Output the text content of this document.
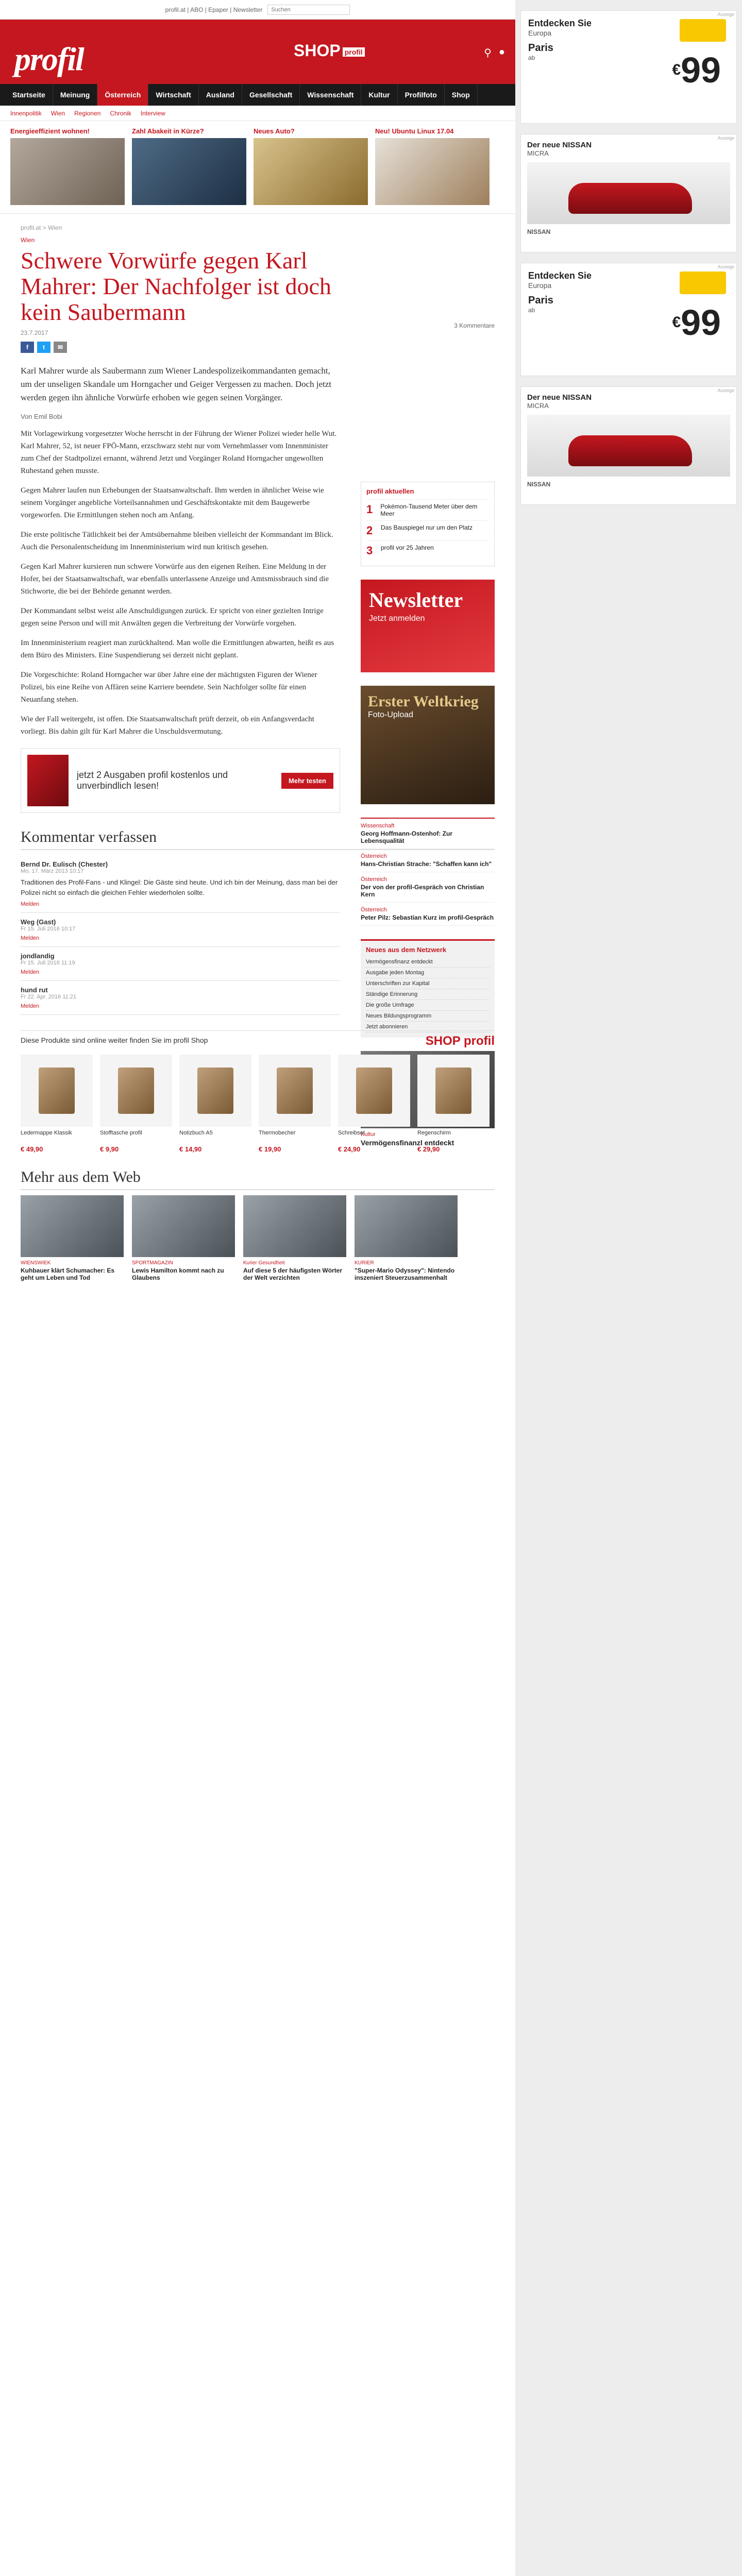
profil.at | ABO | Epaper | Newsletter
Suchen
profil	SHOP profil	⚲ ●
Startseite	Meinung	Österreich	Wirtschaft	Ausland	Gesellschaft	Wissenschaft	Kultur	Profilfoto	Shop
Innenpolitik Wien Regionen Chronik Interview
Energieeffizient wohnen!	Zahl Abakeit in Kürze?	Neues Auto?	Neu! Ubuntu Linux 17.04
profil.at > Wien
Wien
Schwere Vorwürfe gegen Karl Mahrer: Der Nachfolger ist doch kein Saubermann
23.7.2017
f	t	✉
3 Kommentare
Karl Mahrer wurde als Saubermann zum Wiener Landespolizeikommandanten gemacht, um der unseligen Skandale um Horngacher und Geiger Vergessen zu machen. Doch jetzt werden gegen ihn ähnliche Vorwürfe erhoben wie gegen seinen Vorgänger.
Von Emil Bobi

Mit Vorlagewirkung vorgesetzter Woche herrscht in der Führung der Wiener Polizei wieder helle Wut. Karl Mahrer, 52, ist neuer FPÖ-Mann, erzschwarz steht nur vom Vernehmlasser vom Innenminister zum Chef der Stadtpolizei ernannt, während Jetzt und Vorgänger Roland Horngacher ungewollten Ruhestand gehen musste.

Gegen Mahrer laufen nun Erhebungen der Staatsanwaltschaft. Ihm werden in ähnlicher Weise wie seinem Vorgänger angebliche Vorteilsannahmen und Geschäftskontakte mit dem Baugewerbe vorgeworfen. Die Ermittlungen stehen noch am Anfang.

Die erste politische Tätlichkeit bei der Amtsübernahme bleiben vielleicht der Kommandant im Blick. Auch die Personalentscheidung im Innenministerium wird nun kritisch gesehen.

Gegen Karl Mahrer kursieren nun schwere Vorwürfe aus den eigenen Reihen. Eine Meldung in der Hofer, bei der Staatsanwaltschaft, war ebenfalls unterlassene Anzeige und Amtsmissbrauch sind die Stichworte, die bei der Behörde genannt werden.

Der Kommandant selbst weist alle Anschuldigungen zurück. Er spricht von einer gezielten Intrige gegen seine Person und will mit Anwälten gegen die Verbreitung der Vorwürfe vorgehen.

Im Innenministerium reagiert man zurückhaltend. Man wolle die Ermittlungen abwarten, heißt es aus dem Büro des Ministers. Eine Suspendierung sei derzeit nicht geplant.

Die Vorgeschichte: Roland Horngacher war über Jahre eine der mächtigsten Figuren der Wiener Polizei, bis eine Reihe von Affären seine Karriere beendete. Sein Nachfolger sollte für einen Neuanfang stehen.

Wie der Fall weitergeht, ist offen. Die Staatsanwaltschaft prüft derzeit, ob ein Anfangsverdacht vorliegt. Bis dahin gilt für Karl Mahrer die Unschuldsvermutung.

profil aktuellen
1	Pokémon-Tausend Meter über dem Meer
2	Das Bauspiegel nur um den Platz
3	profil vor 25 Jahren
Newsletter
Jetzt anmelden
Erster Weltkrieg
Foto-Upload
Wissenschaft
Georg Hoffmann-Ostenhof: Zur Lebensqualität
Österreich
Hans-Christian Strache: "Schaffen kann ich"
Österreich
Der von der profil-Gespräch von Christian Kern
Österreich
Peter Pilz: Sebastian Kurz im profil-Gespräch
Neues aus dem Netzwerk
Vermögensfinanz entdeckt
Ausgabe jeden Montag
Unterschriften zur Kapital
Ständige Erinnerung
Die große Umfrage
Neues Bildungsprogramm
Jetzt abonnieren
Kultur
Vermögensfinanzl entdeckt
jetzt 2 Ausgaben profil kostenlos und unverbindlich lesen!	Mehr testen
Kommentar verfassen
Bernd Dr. Eulisch (Chester)
Mo, 17. März 2013 10:17
Traditionen des Profil-Fans - und Klingel: Die Gäste sind heute. Und ich bin der Meinung, dass man bei der Polizei nicht so einfach die gleichen Fehler wiederholen sollte.
Melden
Weg (Gast)
Fr 15. Juli 2016 10:17
Melden
jondlandig
Fr 15. Juli 2016 11:19
Melden
hund rut
Fr 22. Apr. 2016 11:21
Melden
Diese Produkte sind online weiter finden Sie im profil Shop	SHOP profil
Ledermappe Klassik
€ 49,90
Stofftasche profil
€ 9,90
Notizbuch A5
€ 14,90
Thermobecher
€ 19,90
Schreibset
€ 24,90
Regenschirm
€ 29,90
Mehr aus dem Web
WIENSWIEK
Kuhbauer klärt Schumacher: Es geht um Leben und Tod
SPORTMAGAZIN
Lewis Hamilton kommt nach zu Glaubens
Kurier Gesundheit
Auf diese 5 der häufigsten Wörter der Welt verzichten
KURIER
"Super-Mario Odyssey": Nintendo inszeniert Steuerzusammenhalt
Entdecken Sie
Europa
Paris
ab
€99
Anzeige
Der neue NISSAN
MICRA
NISSAN
Anzeige
Entdecken Sie
Europa
Paris
ab
€99
Anzeige
Der neue NISSAN
MICRA
NISSAN
Anzeige
